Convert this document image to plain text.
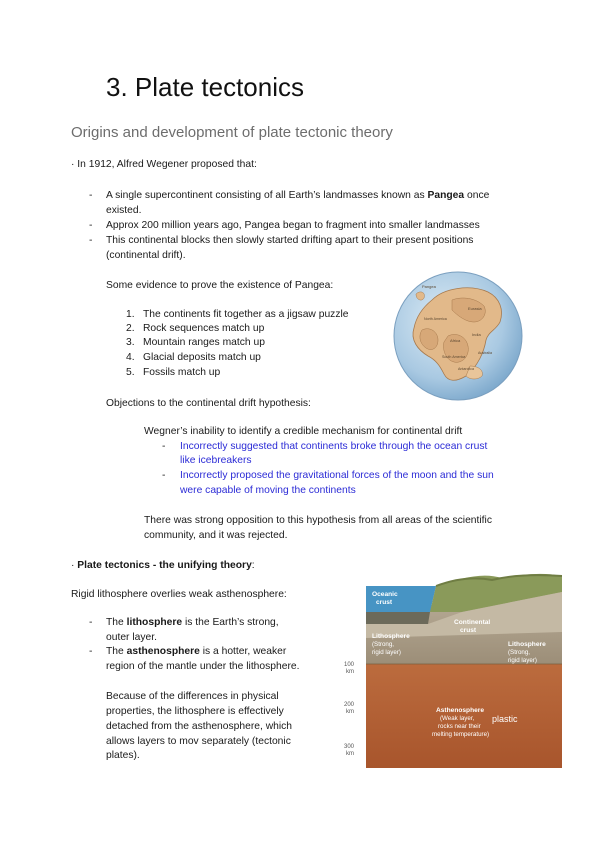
3. Plate tectonics
Origins and development of plate tectonic theory
· In 1912, Alfred Wegener proposed that:
- A single supercontinent consisting of all Earth’s landmasses known as Pangea once
existed.
- Approx 200 million years ago, Pangea began to fragment into smaller landmasses
- This continental blocks then slowly started drifting apart to their present positions
(continental drift).
Some evidence to prove the existence of Pangea:
1. The continents fit together as a jigsaw puzzle
2. Rock sequences match up
3. Mountain ranges match up
4. Glacial deposits match up
5. Fossils match up
Pangea
Africa
South America
North America
India
Antarctica
Australia
Eurasia
Objections to the continental drift hypothesis:
Wegner’s inability to identify a credible mechanism for continental drift
- Incorrectly suggested that continents broke through the ocean crust
like icebreakers
- Incorrectly proposed the gravitational forces of the moon and the sun
were capable of moving the continents
There was strong opposition to this hypothesis from all areas of the scientific
community, and it was rejected.
· Plate tectonics - the unifying theory:
Rigid lithosphere overlies weak asthenosphere:
- The lithosphere is the Earth’s strong,
outer layer.
- The asthenosphere is a hotter, weaker
region of the mantle under the lithosphere.
Because of the differences in physical
properties, the lithosphere is effectively
detached from the asthenosphere, which
allows layers to mov separately (tectonic
plates).
Oceanic
crust
Continental
crust
Lithosphere
Lithosphere
Asthenosphere
(Strong,
rigid layer)	(Strong,
rigid layer)
(Weak layer,
rocks near their
melting temperature)
plastic
100
km
200
km
300
km
